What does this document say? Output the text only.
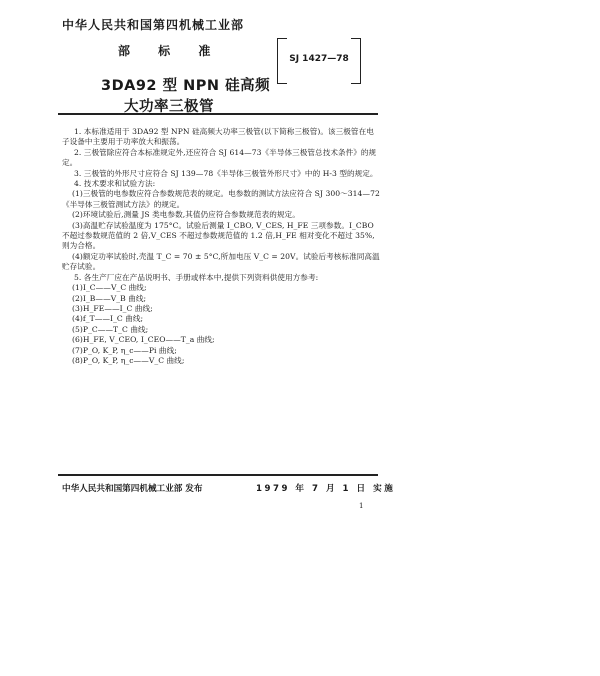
中华人民共和国第四机械工业部
部 标 准
SJ 1427—78
3DA92 型 NPN 硅高频
大功率三极管

1. 本标准适用于 3DA92 型 NPN 硅高频大功率三极管(以下简称三极管)。该三极管在电子设备中主要用于功率放大和振荡。

2. 三极管除应符合本标准规定外,还应符合 SJ 614—73《半导体三极管总技术条件》的规定。

3. 三极管的外形尺寸应符合 SJ 139—78《半导体三极管外形尺寸》中的 H-3 型的规定。

4. 技术要求和试验方法:

(1)三极管的电参数应符合参数规范表的规定。电参数的测试方法应符合 SJ 300～314—72《半导体三极管测试方法》的规定。

(2)环境试验后,测量 JS 类电参数,其值仍应符合参数规范表的规定。

(3)高温贮存试验温度为 175°C。试验后测量 I_CBO, V_CES, H_FE 三项参数。I_CBO 不超过参数规范值的 2 倍,V_CES 不超过参数规范值的 1.2 倍,H_FE 相对变化不超过 35%,则为合格。

(4)额定功率试验时,壳温 T_C = 70 ± 5°C,所加电压 V_C = 20V。试验后考核标准同高温贮存试验。

5. 各生产厂应在产品说明书、手册或样本中,提供下列资料供使用方参考:

(1)I_C——V_C 曲线;

(2)I_B——V_B 曲线;

(3)H_FE——I_C 曲线;

(4)f_T——I_C 曲线;

(5)P_C——T_C 曲线;

(6)H_FE, V_CEO, I_CEO——T_a 曲线;

(7)P_O, K_P, η_c——Pi 曲线;

(8)P_O, K_P, η_c——V_C 曲线;

中华人民共和国第四机械工业部 发布	1979 年 7 月 1 日 实施
1
